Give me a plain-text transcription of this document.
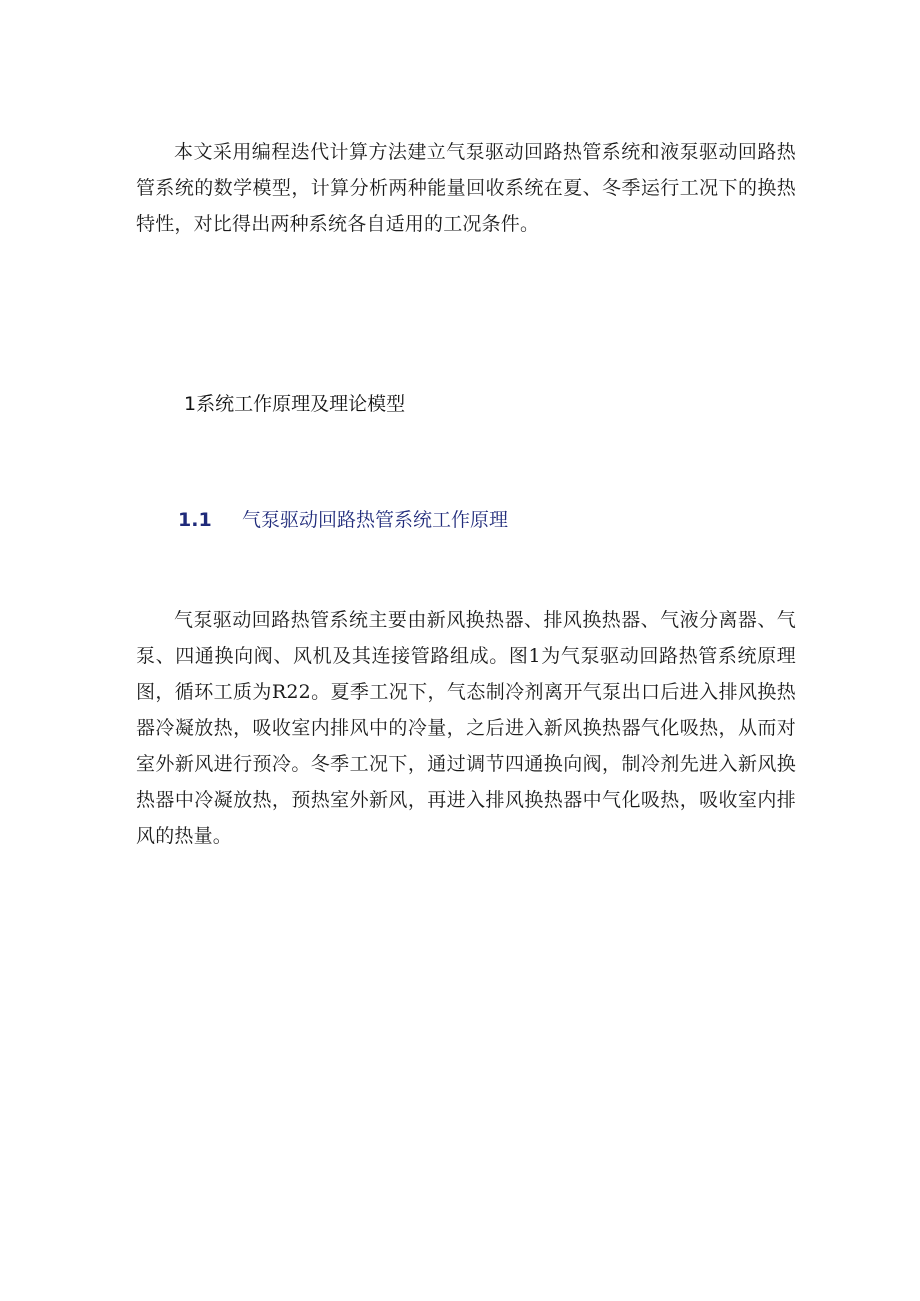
本文采用编程迭代计算方法建立气泵驱动回路热管系统和液泵驱动回路热管系统的数学模型，计算分析两种能量回收系统在夏、冬季运行工况下的换热特性，对比得出两种系统各自适用的工况条件。

1系统工作原理及理论模型
1.1	气泵驱动回路热管系统工作原理

气泵驱动回路热管系统主要由新风换热器、排风换热器、气液分离器、气泵、四通换向阀、风机及其连接管路组成。图1为气泵驱动回路热管系统原理图，循环工质为R22。夏季工况下，气态制冷剂离开气泵出口后进入排风换热器冷凝放热，吸收室内排风中的冷量，之后进入新风换热器气化吸热，从而对室外新风进行预冷。冬季工况下，通过调节四通换向阀，制冷剂先进入新风换热器中冷凝放热，预热室外新风，再进入排风换热器中气化吸热，吸收室内排风的热量。
